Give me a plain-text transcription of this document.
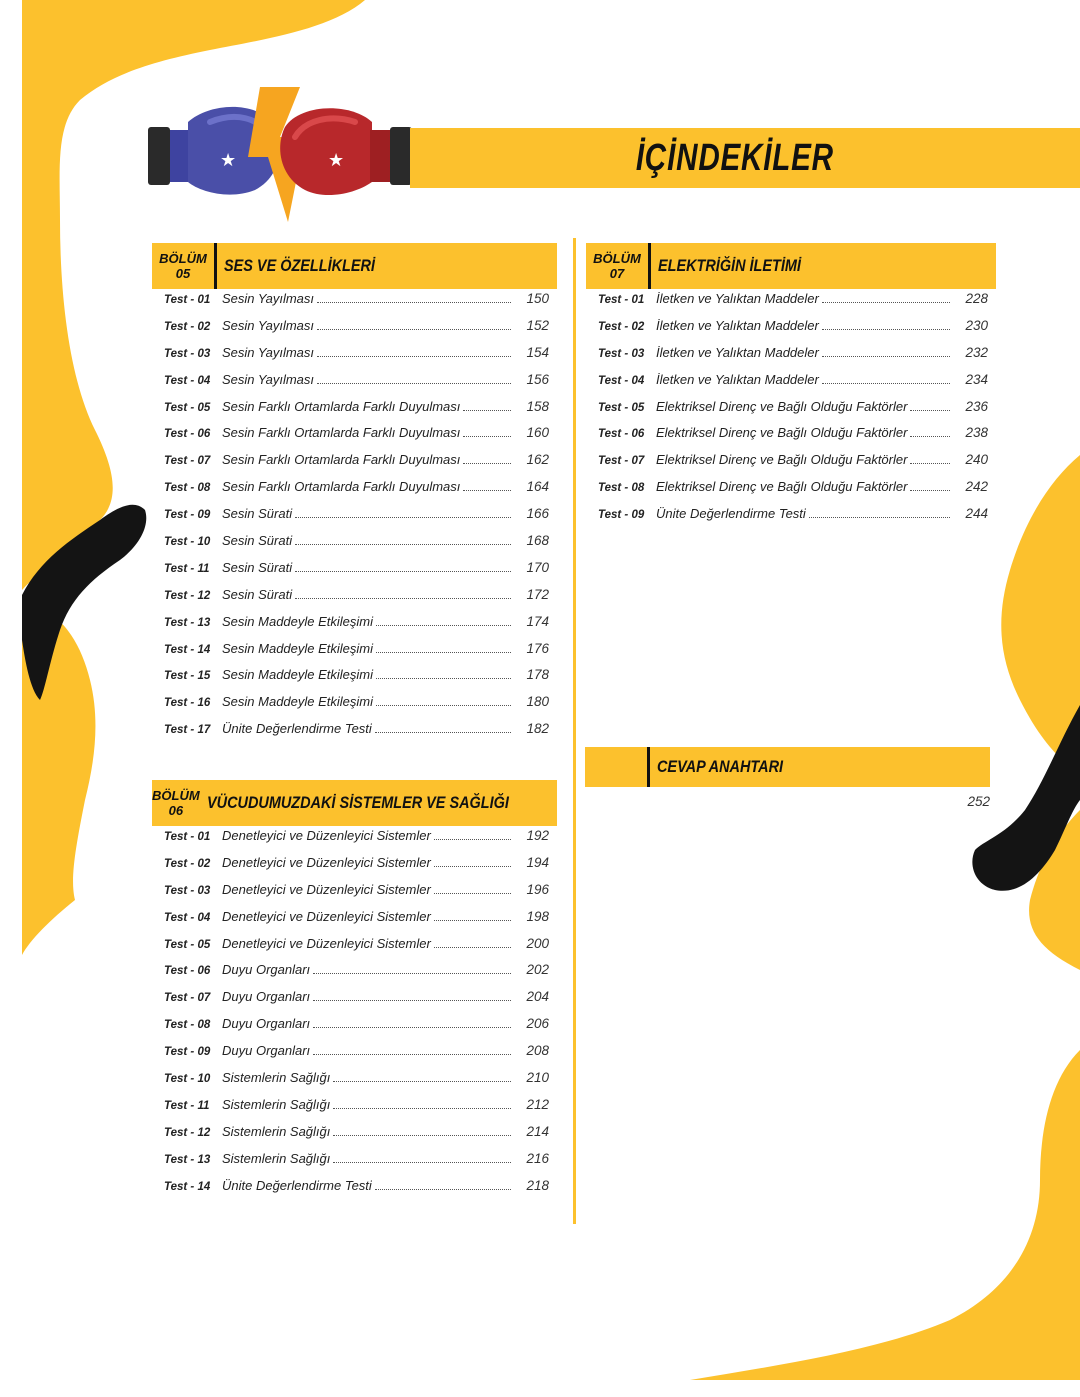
★	★	İÇİNDEKİLER
BÖLÜM
05 SES VE ÖZELLİKLERİ
Test - 01 Sesin Yayılması	150
Test - 02 Sesin Yayılması	152
Test - 03 Sesin Yayılması	154
Test - 04 Sesin Yayılması	156
Test - 05 Sesin Farklı Ortamlarda Farklı Duyulması	158
Test - 06 Sesin Farklı Ortamlarda Farklı Duyulması	160
Test - 07 Sesin Farklı Ortamlarda Farklı Duyulması	162
Test - 08 Sesin Farklı Ortamlarda Farklı Duyulması	164
Test - 09 Sesin Sürati	166
Test - 10 Sesin Sürati	168
Test - 11 Sesin Sürati	170
Test - 12 Sesin Sürati	172
Test - 13 Sesin Maddeyle Etkileşimi	174
Test - 14 Sesin Maddeyle Etkileşimi	176
Test - 15 Sesin Maddeyle Etkileşimi	178
Test - 16 Sesin Maddeyle Etkileşimi	180
Test - 17 Ünite Değerlendirme Testi	182
BÖLÜM
06 VÜCUDUMUZDAKİ SİSTEMLER VE SAĞLIĞI
Test - 01 Denetleyici ve Düzenleyici Sistemler	192
Test - 02 Denetleyici ve Düzenleyici Sistemler	194
Test - 03 Denetleyici ve Düzenleyici Sistemler	196
Test - 04 Denetleyici ve Düzenleyici Sistemler	198
Test - 05 Denetleyici ve Düzenleyici Sistemler	200
Test - 06 Duyu Organları	202
Test - 07 Duyu Organları	204
Test - 08 Duyu Organları	206
Test - 09 Duyu Organları	208
Test - 10 Sistemlerin Sağlığı	210
Test - 11 Sistemlerin Sağlığı	212
Test - 12 Sistemlerin Sağlığı	214
Test - 13 Sistemlerin Sağlığı	216
Test - 14 Ünite Değerlendirme Testi	218
BÖLÜM
07 ELEKTRİĞİN İLETİMİ
Test - 01 İletken ve Yalıktan Maddeler	228
Test - 02 İletken ve Yalıktan Maddeler	230
Test - 03 İletken ve Yalıktan Maddeler	232
Test - 04 İletken ve Yalıktan Maddeler	234
Test - 05 Elektriksel Direnç ve Bağlı Olduğu Faktörler	236
Test - 06 Elektriksel Direnç ve Bağlı Olduğu Faktörler	238
Test - 07 Elektriksel Direnç ve Bağlı Olduğu Faktörler	240
Test - 08 Elektriksel Direnç ve Bağlı Olduğu Faktörler	242
Test - 09 Ünite Değerlendirme Testi	244
CEVAP ANAHTARI
252
